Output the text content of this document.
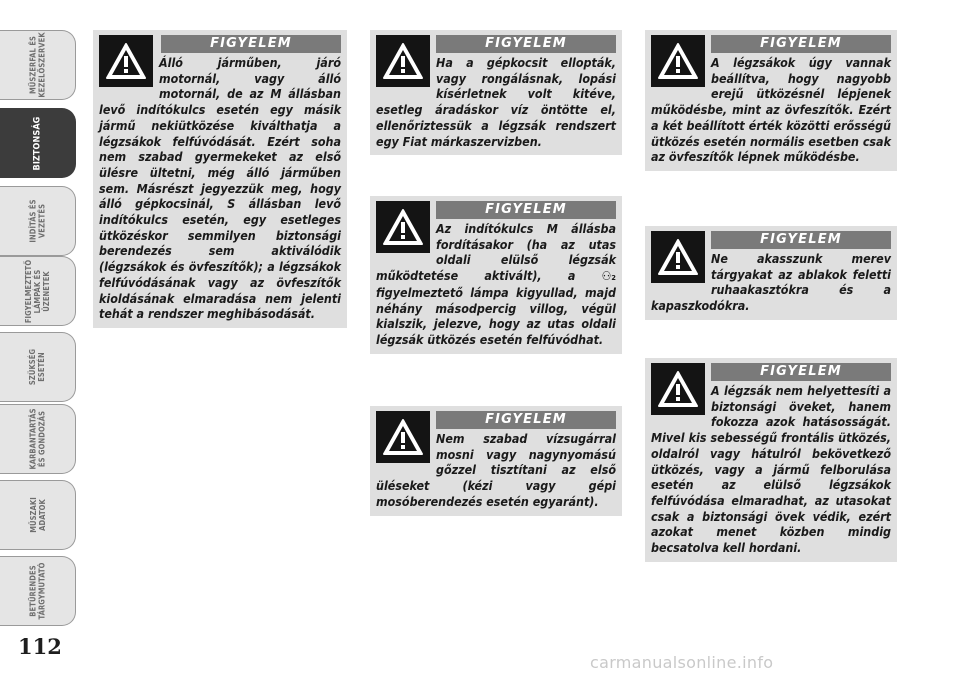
MŰSZERFAL ÉS
KEZELŐSZERVEK
BIZTONSÁG
INDÍTÁS ÉS
VEZETÉS
FIGYELMEZTETŐ
LÁMPÁK ÉS
ÜZENETEK
SZÜKSÉG
ESETÉN
KARBANTARTÁS
ÉS GONDOZÁS
MŰSZAKI
ADATOK
BETŰRENDES
TÁRGYMUTATÓ
112
FIGYELEM

Álló járműben, járó motornál, vagy álló motornál, de az M állásban levő indítókulcs esetén egy másik jármű nekiütközése kiválthatja a légzsákok felfúvódását. Ezért soha nem szabad gyermekeket az első ülésre ültetni, még álló járműben sem. Másrészt jegyezzük meg, hogy álló gépkocsinál, S állásban levő indítókulcs esetén, egy esetleges ütközéskor semmilyen biztonsági berendezés sem aktiválódik (légzsákok és övfeszítők); a légzsákok felfúvódásának vagy az övfeszítők kioldásának elmaradása nem jelenti tehát a rendszer meghibásodását.

FIGYELEM

Ha a gépkocsit ellopták, vagy rongálásnak, lopási kísérletnek volt kitéve, esetleg áradáskor víz öntötte el, ellenőriztessük a légzsák rendszert egy Fiat márkaszervizben.

FIGYELEM

Az indítókulcs M állásba fordításakor (ha az utas oldali elülső légzsák működtetése aktivált), a ⚇₂ figyelmeztető lámpa kigyullad, majd néhány másodpercig villog, végül kialszik, jelezve, hogy az utas oldali légzsák ütközés esetén felfúvódhat.

FIGYELEM

Nem szabad vízsugárral mosni vagy nagynyomású gőzzel tisztítani az első üléseket (kézi vagy gépi mosóberendezés esetén egyaránt).

FIGYELEM

A légzsákok úgy vannak beállítva, hogy nagyobb erejű ütközésnél lépjenek működésbe, mint az övfeszítők. Ezért a két beállított érték közötti erősségű ütközés esetén normális esetben csak az övfeszítők lépnek működésbe.

FIGYELEM

Ne akasszunk merev tárgyakat az ablakok feletti ruhaakasztókra és a kapaszkodókra.

FIGYELEM

A légzsák nem helyettesíti a biztonsági öveket, hanem fokozza azok hatásosságát. Mivel kis sebességű frontális ütközés, oldalról vagy hátulról bekövetkező ütközés, vagy a jármű felborulása esetén az elülső légzsákok felfúvódása elmaradhat, az utasokat csak a biztonsági övek védik, ezért azokat menet közben mindig becsatolva kell hordani.

carmanualsonline.info
